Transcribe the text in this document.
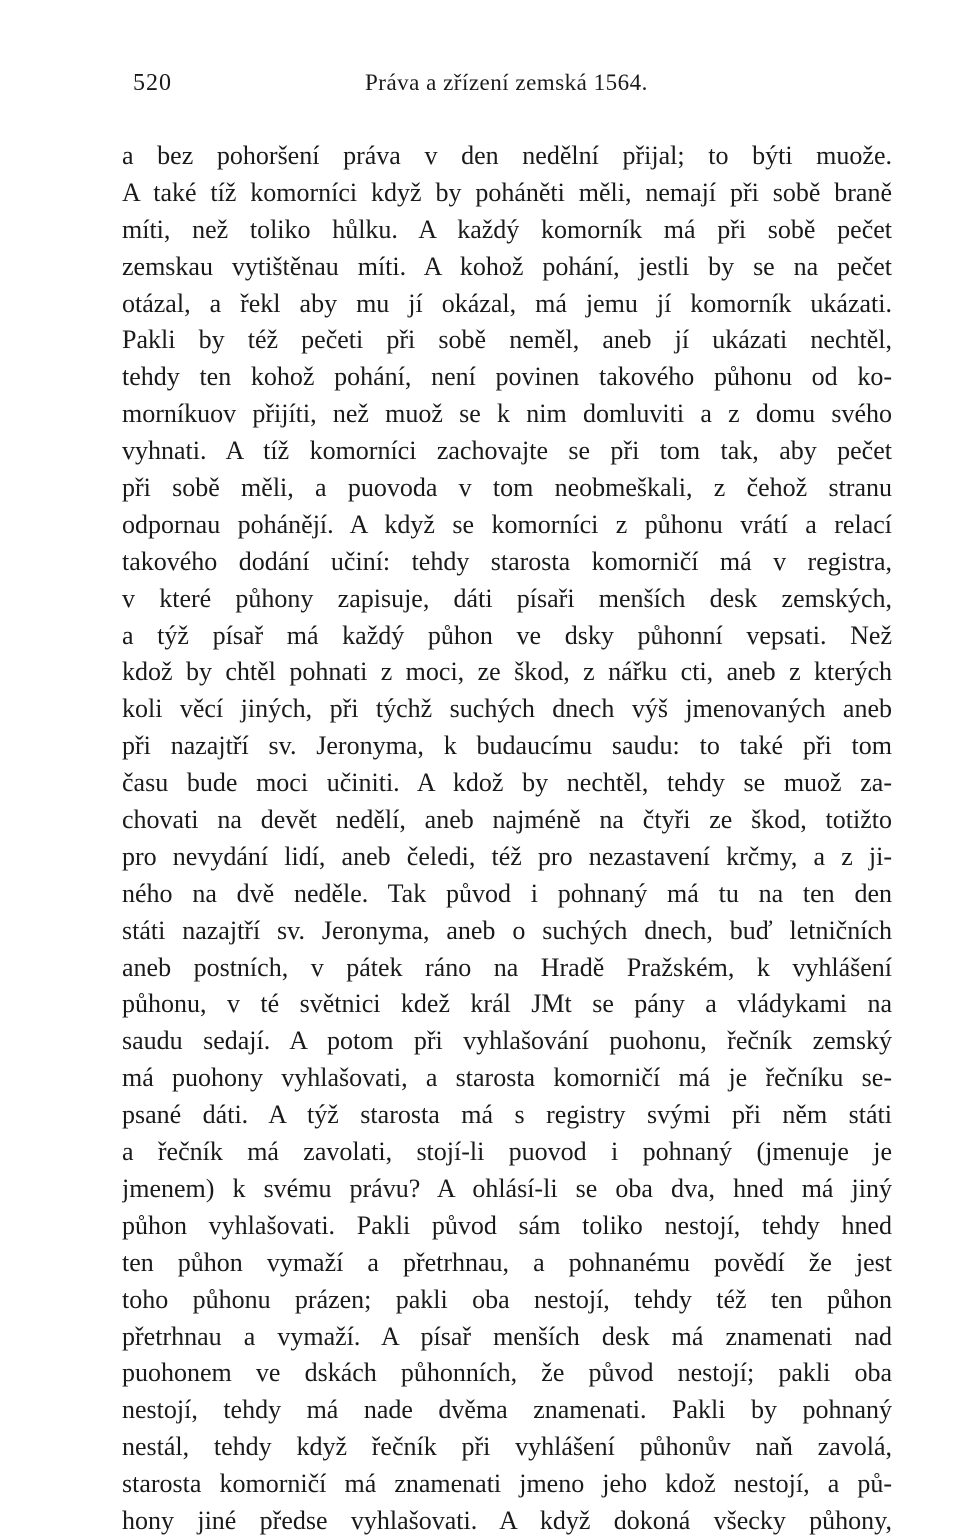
520	Práva a zřízení zemská 1564.
a bez pohoršení práva v den nedělní přijal; to býti muože.
A také tíž komorníci když by poháněti měli, nemají při sobě braně
míti, než toliko hůlku. A každý komorník má při sobě pečet
zemskau vytištěnau míti. A kohož pohání, jestli by se na pečet
otázal, a řekl aby mu jí okázal, má jemu jí komorník ukázati.
Pakli by též pečeti při sobě neměl, aneb jí ukázati nechtěl,
tehdy ten kohož pohání, není povinen takového půhonu od ko-
morníkuov přijíti, než muož se k nim domluviti a z domu svého
vyhnati. A tíž komorníci zachovajte se při tom tak, aby pečet
při sobě měli, a puovoda v tom neobmeškali, z čehož stranu
odpornau pohánějí. A když se komorníci z půhonu vrátí a relací
takového dodání učiní: tehdy starosta komorničí má v registra,
v které půhony zapisuje, dáti písaři menších desk zemských,
a týž písař má každý půhon ve dsky půhonní vepsati. Než
kdož by chtěl pohnati z moci, ze škod, z nářku cti, aneb z kterých
koli věcí jiných, při týchž suchých dnech výš jmenovaných aneb
při nazajtří sv. Jeronyma, k budaucímu saudu: to také při tom
času bude moci učiniti. A kdož by nechtěl, tehdy se muož za-
chovati na devět nedělí, aneb najméně na čtyři ze škod, totižto
pro nevydání lidí, aneb čeledi, též pro nezastavení krčmy, a z ji-
ného na dvě neděle. Tak původ i pohnaný má tu na ten den
státi nazajtří sv. Jeronyma, aneb o suchých dnech, buď letničních
aneb postních, v pátek ráno na Hradě Pražském, k vyhlášení
půhonu, v té světnici kdež král JMt se pány a vládykami na
saudu sedají. A potom při vyhlašování puohonu, řečník zemský
má puohony vyhlašovati, a starosta komorničí má je řečníku se-
psané dáti. A týž starosta má s registry svými při něm státi
a řečník má zavolati, stojí-li puovod i pohnaný (jmenuje je
jmenem) k svému právu? A ohlásí-li se oba dva, hned má jiný
půhon vyhlašovati. Pakli původ sám toliko nestojí, tehdy hned
ten půhon vymaží a přetrhnau, a pohnanému povědí že jest
toho půhonu prázen; pakli oba nestojí, tehdy též ten půhon
přetrhnau a vymaží. A písař menších desk má znamenati nad
puohonem ve dskách půhonních, že původ nestojí; pakli oba
nestojí, tehdy má nade dvěma znamenati. Pakli by pohnaný
nestál, tehdy když řečník při vyhlášení půhonův naň zavolá,
starosta komorničí má znamenati jmeno jeho kdož nestojí, a pů-
hony jiné předse vyhlašovati. A když dokoná všecky půhony,
